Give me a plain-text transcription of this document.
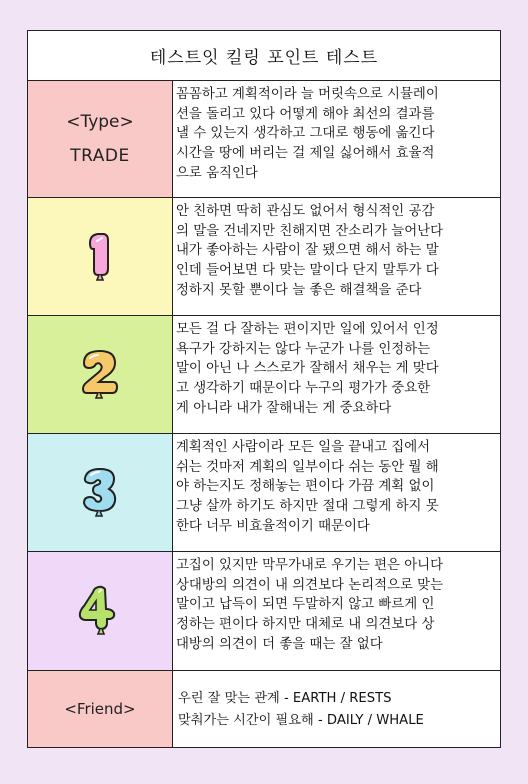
테스트잇 킬링 포인트 테스트
<Type>
TRADE
꼼꼼하고 계획적이라 늘 머릿속으로 시뮬레이
션을 돌리고 있다 어떻게 해야 최선의 결과를
낼 수 있는지 생각하고 그대로 행동에 옮긴다
시간을 땅에 버리는 걸 제일 싫어해서 효율적
으로 움직인다
안 친하면 딱히 관심도 없어서 형식적인 공감
의 말을 건네지만 친해지면 잔소리가 늘어난다
내가 좋아하는 사람이 잘 됐으면 해서 하는 말
인데 들어보면 다 맞는 말이다 단지 말투가 다
정하지 못할 뿐이다 늘 좋은 해결책을 준다
모든 걸 다 잘하는 편이지만 일에 있어서 인정
욕구가 강하지는 않다 누군가 나를 인정하는
말이 아닌 나 스스로가 잘해서 채우는 게 맞다
고 생각하기 때문이다 누구의 평가가 중요한
게 아니라 내가 잘해내는 게 중요하다
계획적인 사람이라 모든 일을 끝내고 집에서
쉬는 것마저 계획의 일부이다 쉬는 동안 뭘 해
야 하는지도 정해놓는 편이다 가끔 계획 없이
그냥 살까 하기도 하지만 절대 그렇게 하지 못
한다 너무 비효율적이기 때문이다
고집이 있지만 막무가내로 우기는 편은 아니다
상대방의 의견이 내 의견보다 논리적으로 맞는
말이고 납득이 되면 두말하지 않고 빠르게 인
정하는 편이다 하지만 대체로 내 의견보다 상
대방의 의견이 더 좋을 때는 잘 없다
<Friend>
우린 잘 맞는 관계 - EARTH / RESTS
맞춰가는 시간이 필요해 - DAILY / WHALE
